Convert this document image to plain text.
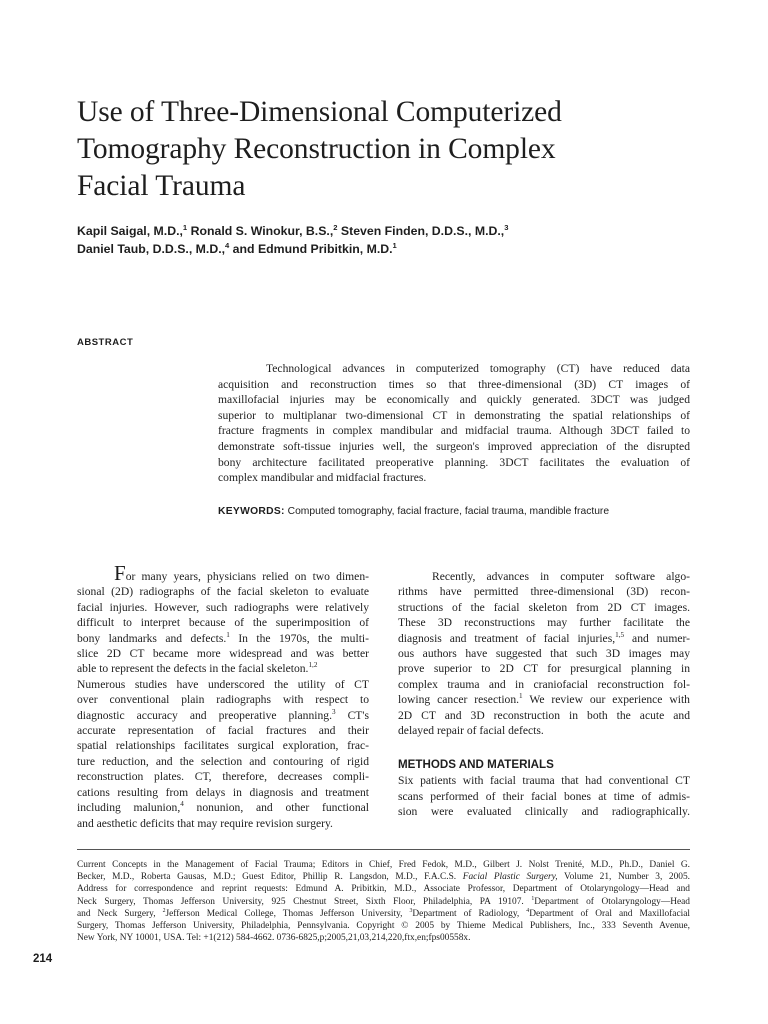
Use of Three-Dimensional Computerized
Tomography Reconstruction in Complex
Facial Trauma
Kapil Saigal, M.D.,$^1$ Ronald S. Winokur, B.S.,$^2$ Steven Finden, D.D.S., M.D.,$^3$
Daniel Taub, D.D.S., M.D.,$^4$ and Edmund Pribitkin, M.D.$^1$
ABSTRACT
Technological advances in computerized tomography (CT) have reduced data
acquisition and reconstruction times so that three-dimensional (3D) CT images of
maxillofacial injuries may be economically and quickly generated. 3DCT was judged
superior to multiplanar two-dimensional CT in demonstrating the spatial relationships of
fracture fragments in complex mandibular and midfacial trauma. Although 3DCT failed to
demonstrate soft-tissue injuries well, the surgeon's improved appreciation of the disrupted
bony architecture facilitated preoperative planning. 3DCT facilitates the evaluation of
complex mandibular and midfacial fractures.
KEYWORDS: Computed tomography, facial fracture, facial trauma, mandible fracture
For many years, physicians relied on two dimen-
sional (2D) radiographs of the facial skeleton to evaluate
facial injuries. However, such radiographs were relatively
difficult to interpret because of the superimposition of
bony landmarks and defects.$^1$ In the 1970s, the multi-
slice 2D CT became more widespread and was better
able to represent the defects in the facial skeleton.$^{1,2}$
Numerous studies have underscored the utility of CT
over conventional plain radiographs with respect to
diagnostic accuracy and preoperative planning.$^3$ CT's
accurate representation of facial fractures and their
spatial relationships facilitates surgical exploration, frac-
ture reduction, and the selection and contouring of rigid
reconstruction plates. CT, therefore, decreases compli-
cations resulting from delays in diagnosis and treatment
including malunion,$^4$ nonunion, and other functional
and aesthetic deficits that may require revision surgery.
Recently, advances in computer software algo-
rithms have permitted three-dimensional (3D) recon-
structions of the facial skeleton from 2D CT images.
These 3D reconstructions may further facilitate the
diagnosis and treatment of facial injuries,$^{1,5}$ and numer-
ous authors have suggested that such 3D images may
prove superior to 2D CT for presurgical planning in
complex trauma and in craniofacial reconstruction fol-
lowing cancer resection.$^1$ We review our experience with
2D CT and 3D reconstruction in both the acute and
delayed repair of facial defects.
METHODS AND MATERIALS
Six patients with facial trauma that had conventional CT
scans performed of their facial bones at time of admis-
sion were evaluated clinically and radiographically.
Current Concepts in the Management of Facial Trauma; Editors in Chief, Fred Fedok, M.D., Gilbert J. Nolst Trenité, M.D., Ph.D., Daniel G.
Becker, M.D., Roberta Gausas, M.D.; Guest Editor, Phillip R. Langsdon, M.D., F.A.C.S. Facial Plastic Surgery, Volume 21, Number 3, 2005.
Address for correspondence and reprint requests: Edmund A. Pribitkin, M.D., Associate Professor, Department of Otolaryngology—Head and
Neck Surgery, Thomas Jefferson University, 925 Chestnut Street, Sixth Floor, Philadelphia, PA 19107. $^1$Department of Otolaryngology—Head
and Neck Surgery, $^2$Jefferson Medical College, Thomas Jefferson University, $^3$Department of Radiology, $^4$Department of Oral and Maxillofacial
Surgery, Thomas Jefferson University, Philadelphia, Pennsylvania. Copyright © 2005 by Thieme Medical Publishers, Inc., 333 Seventh Avenue,
New York, NY 10001, USA. Tel: +1(212) 584-4662. 0736-6825,p;2005,21,03,214,220,ftx,en;fps00558x.
214
